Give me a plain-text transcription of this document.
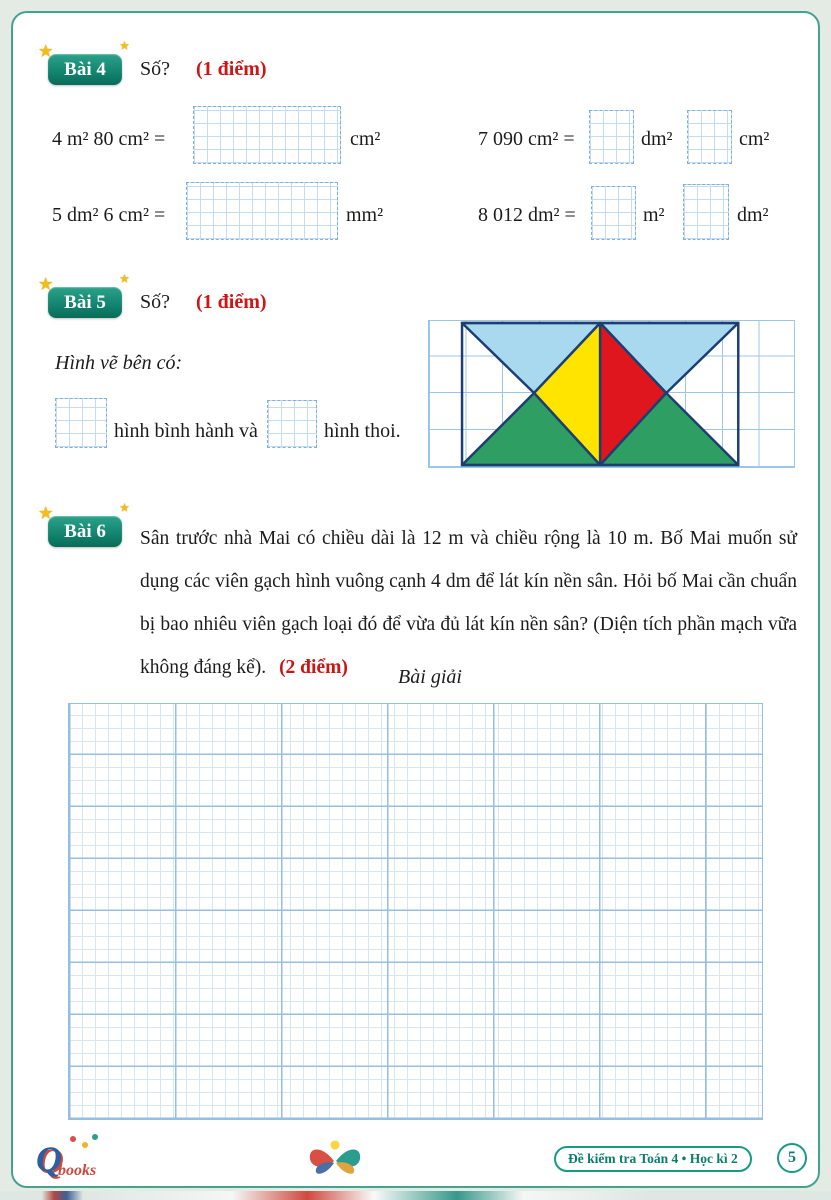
★	★
Bài 4 Số? (1 điểm)
4 m² 80 cm² =	cm²	7 090 cm² =	dm²	cm²
5 dm² 6 cm² =	mm²	8 012 dm² =	m²	dm²
★	★
Bài 5 Số? (1 điểm)
Hình vẽ bên có:
hình bình hành và	hình thoi.
★	★
Bài 6 Sân trước nhà Mai có chiều dài là 12 m và chiều rộng là 10 m. Bố Mai muốn sử dụng các viên gạch hình vuông cạnh 4 dm để lát kín nền sân. Hỏi bố Mai cần chuẩn bị bao nhiêu viên gạch loại đó để vừa đủ lát kín nền sân? (Diện tích phần mạch vữa không đáng kể). (2 điểm)	Bài giải
Q
books
Đề kiểm tra Toán 4 • Học kì 2	5
